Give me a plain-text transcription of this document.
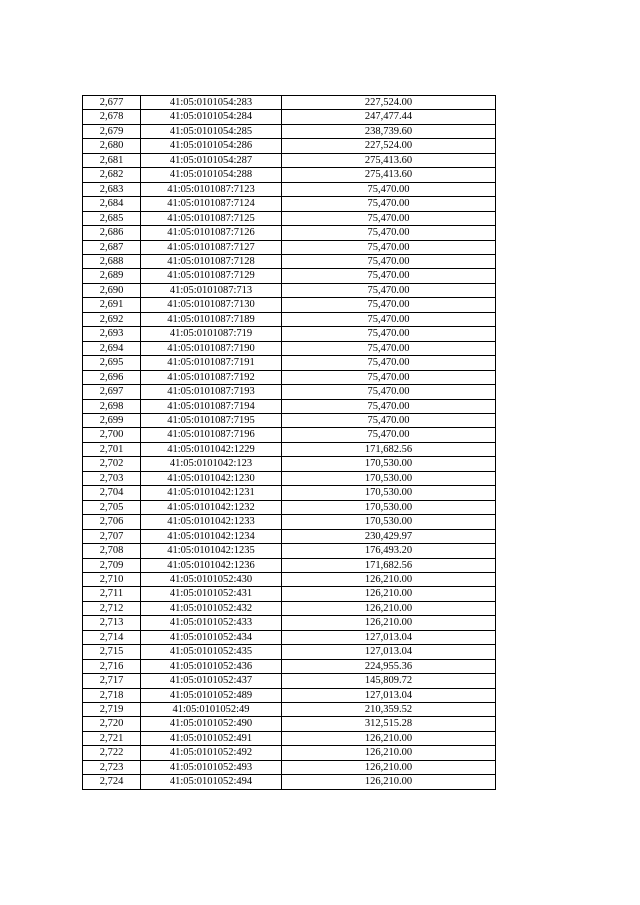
2,677	41:05:0101054:283	227,524.00
2,678	41:05:0101054:284	247,477.44
2,679	41:05:0101054:285	238,739.60
2,680	41:05:0101054:286	227,524.00
2,681	41:05:0101054:287	275,413.60
2,682	41:05:0101054:288	275,413.60
2,683	41:05:0101087:7123	75,470.00
2,684	41:05:0101087:7124	75,470.00
2,685	41:05:0101087:7125	75,470.00
2,686	41:05:0101087:7126	75,470.00
2,687	41:05:0101087:7127	75,470.00
2,688	41:05:0101087:7128	75,470.00
2,689	41:05:0101087:7129	75,470.00
2,690	41:05:0101087:713	75,470.00
2,691	41:05:0101087:7130	75,470.00
2,692	41:05:0101087:7189	75,470.00
2,693	41:05:0101087:719	75,470.00
2,694	41:05:0101087:7190	75,470.00
2,695	41:05:0101087:7191	75,470.00
2,696	41:05:0101087:7192	75,470.00
2,697	41:05:0101087:7193	75,470.00
2,698	41:05:0101087:7194	75,470.00
2,699	41:05:0101087:7195	75,470.00
2,700	41:05:0101087:7196	75,470.00
2,701	41:05:0101042:1229	171,682.56
2,702	41:05:0101042:123	170,530.00
2,703	41:05:0101042:1230	170,530.00
2,704	41:05:0101042:1231	170,530.00
2,705	41:05:0101042:1232	170,530.00
2,706	41:05:0101042:1233	170,530.00
2,707	41:05:0101042:1234	230,429.97
2,708	41:05:0101042:1235	176,493.20
2,709	41:05:0101042:1236	171,682.56
2,710	41:05:0101052:430	126,210.00
2,711	41:05:0101052:431	126,210.00
2,712	41:05:0101052:432	126,210.00
2,713	41:05:0101052:433	126,210.00
2,714	41:05:0101052:434	127,013.04
2,715	41:05:0101052:435	127,013.04
2,716	41:05:0101052:436	224,955.36
2,717	41:05:0101052:437	145,809.72
2,718	41:05:0101052:489	127,013.04
2,719	41:05:0101052:49	210,359.52
2,720	41:05:0101052:490	312,515.28
2,721	41:05:0101052:491	126,210.00
2,722	41:05:0101052:492	126,210.00
2,723	41:05:0101052:493	126,210.00
2,724	41:05:0101052:494	126,210.00
